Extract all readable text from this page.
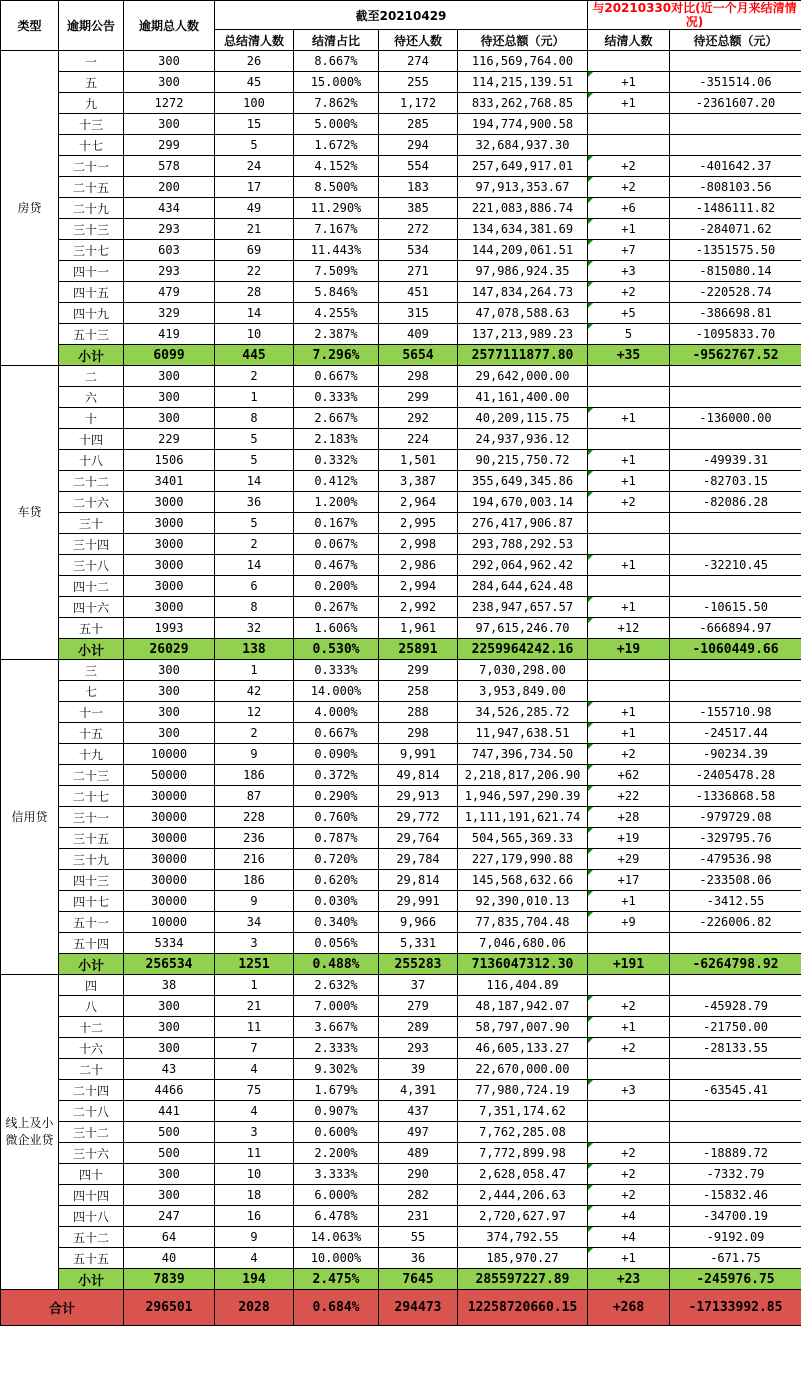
类型	逾期公告	逾期总人数	截至20210429				与20210330对比(近一个月来结清情况)	
			总结清人数	结清占比	待还人数	待还总额（元）	结清人数	待还总额（元）
房贷	一	300	26	8.667%	274	116,569,764.00		
	五	300	45	15.000%	255	114,215,139.51	+1	-351514.06
	九	1272	100	7.862%	1,172	833,262,768.85	+1	-2361607.20
	十三	300	15	5.000%	285	194,774,900.58		
	十七	299	5	1.672%	294	32,684,937.30		
	二十一	578	24	4.152%	554	257,649,917.01	+2	-401642.37
	二十五	200	17	8.500%	183	97,913,353.67	+2	-808103.56
	二十九	434	49	11.290%	385	221,083,886.74	+6	-1486111.82
	三十三	293	21	7.167%	272	134,634,381.69	+1	-284071.62
	三十七	603	69	11.443%	534	144,209,061.51	+7	-1351575.50
	四十一	293	22	7.509%	271	97,986,924.35	+3	-815080.14
	四十五	479	28	5.846%	451	147,834,264.73	+2	-220528.74
	四十九	329	14	4.255%	315	47,078,588.63	+5	-386698.81
	五十三	419	10	2.387%	409	137,213,989.23	5	-1095833.70
	小计	6099	445	7.296%	5654	2577111877.80	+35	-9562767.52
车贷	二	300	2	0.667%	298	29,642,000.00		
	六	300	1	0.333%	299	41,161,400.00		
	十	300	8	2.667%	292	40,209,115.75	+1	-136000.00
	十四	229	5	2.183%	224	24,937,936.12		
	十八	1506	5	0.332%	1,501	90,215,750.72	+1	-49939.31
	二十二	3401	14	0.412%	3,387	355,649,345.86	+1	-82703.15
	二十六	3000	36	1.200%	2,964	194,670,003.14	+2	-82086.28
	三十	3000	5	0.167%	2,995	276,417,906.87		
	三十四	3000	2	0.067%	2,998	293,788,292.53		
	三十八	3000	14	0.467%	2,986	292,064,962.42	+1	-32210.45
	四十二	3000	6	0.200%	2,994	284,644,624.48		
	四十六	3000	8	0.267%	2,992	238,947,657.57	+1	-10615.50
	五十	1993	32	1.606%	1,961	97,615,246.70	+12	-666894.97
	小计	26029	138	0.530%	25891	2259964242.16	+19	-1060449.66
信用贷	三	300	1	0.333%	299	7,030,298.00		
	七	300	42	14.000%	258	3,953,849.00		
	十一	300	12	4.000%	288	34,526,285.72	+1	-155710.98
	十五	300	2	0.667%	298	11,947,638.51	+1	-24517.44
	十九	10000	9	0.090%	9,991	747,396,734.50	+2	-90234.39
	二十三	50000	186	0.372%	49,814	2,218,817,206.90	+62	-2405478.28
	二十七	30000	87	0.290%	29,913	1,946,597,290.39	+22	-1336868.58
	三十一	30000	228	0.760%	29,772	1,111,191,621.74	+28	-979729.08
	三十五	30000	236	0.787%	29,764	504,565,369.33	+19	-329795.76
	三十九	30000	216	0.720%	29,784	227,179,990.88	+29	-479536.98
	四十三	30000	186	0.620%	29,814	145,568,632.66	+17	-233508.06
	四十七	30000	9	0.030%	29,991	92,390,010.13	+1	-3412.55
	五十一	10000	34	0.340%	9,966	77,835,704.48	+9	-226006.82
	五十四	5334	3	0.056%	5,331	7,046,680.06		
	小计	256534	1251	0.488%	255283	7136047312.30	+191	-6264798.92
线上及小微企业贷	四	38	1	2.632%	37	116,404.89		
	八	300	21	7.000%	279	48,187,942.07	+2	-45928.79
	十二	300	11	3.667%	289	58,797,007.90	+1	-21750.00
	十六	300	7	2.333%	293	46,605,133.27	+2	-28133.55
	二十	43	4	9.302%	39	22,670,000.00		
	二十四	4466	75	1.679%	4,391	77,980,724.19	+3	-63545.41
	二十八	441	4	0.907%	437	7,351,174.62		
	三十二	500	3	0.600%	497	7,762,285.08		
	三十六	500	11	2.200%	489	7,772,899.98	+2	-18889.72
	四十	300	10	3.333%	290	2,628,058.47	+2	-7332.79
	四十四	300	18	6.000%	282	2,444,206.63	+2	-15832.46
	四十八	247	16	6.478%	231	2,720,627.97	+4	-34700.19
	五十二	64	9	14.063%	55	374,792.55	+4	-9192.09
	五十五	40	4	10.000%	36	185,970.27	+1	-671.75
	小计	7839	194	2.475%	7645	285597227.89	+23	-245976.75
合计		296501	2028	0.684%	294473	12258720660.15	+268	-17133992.85
